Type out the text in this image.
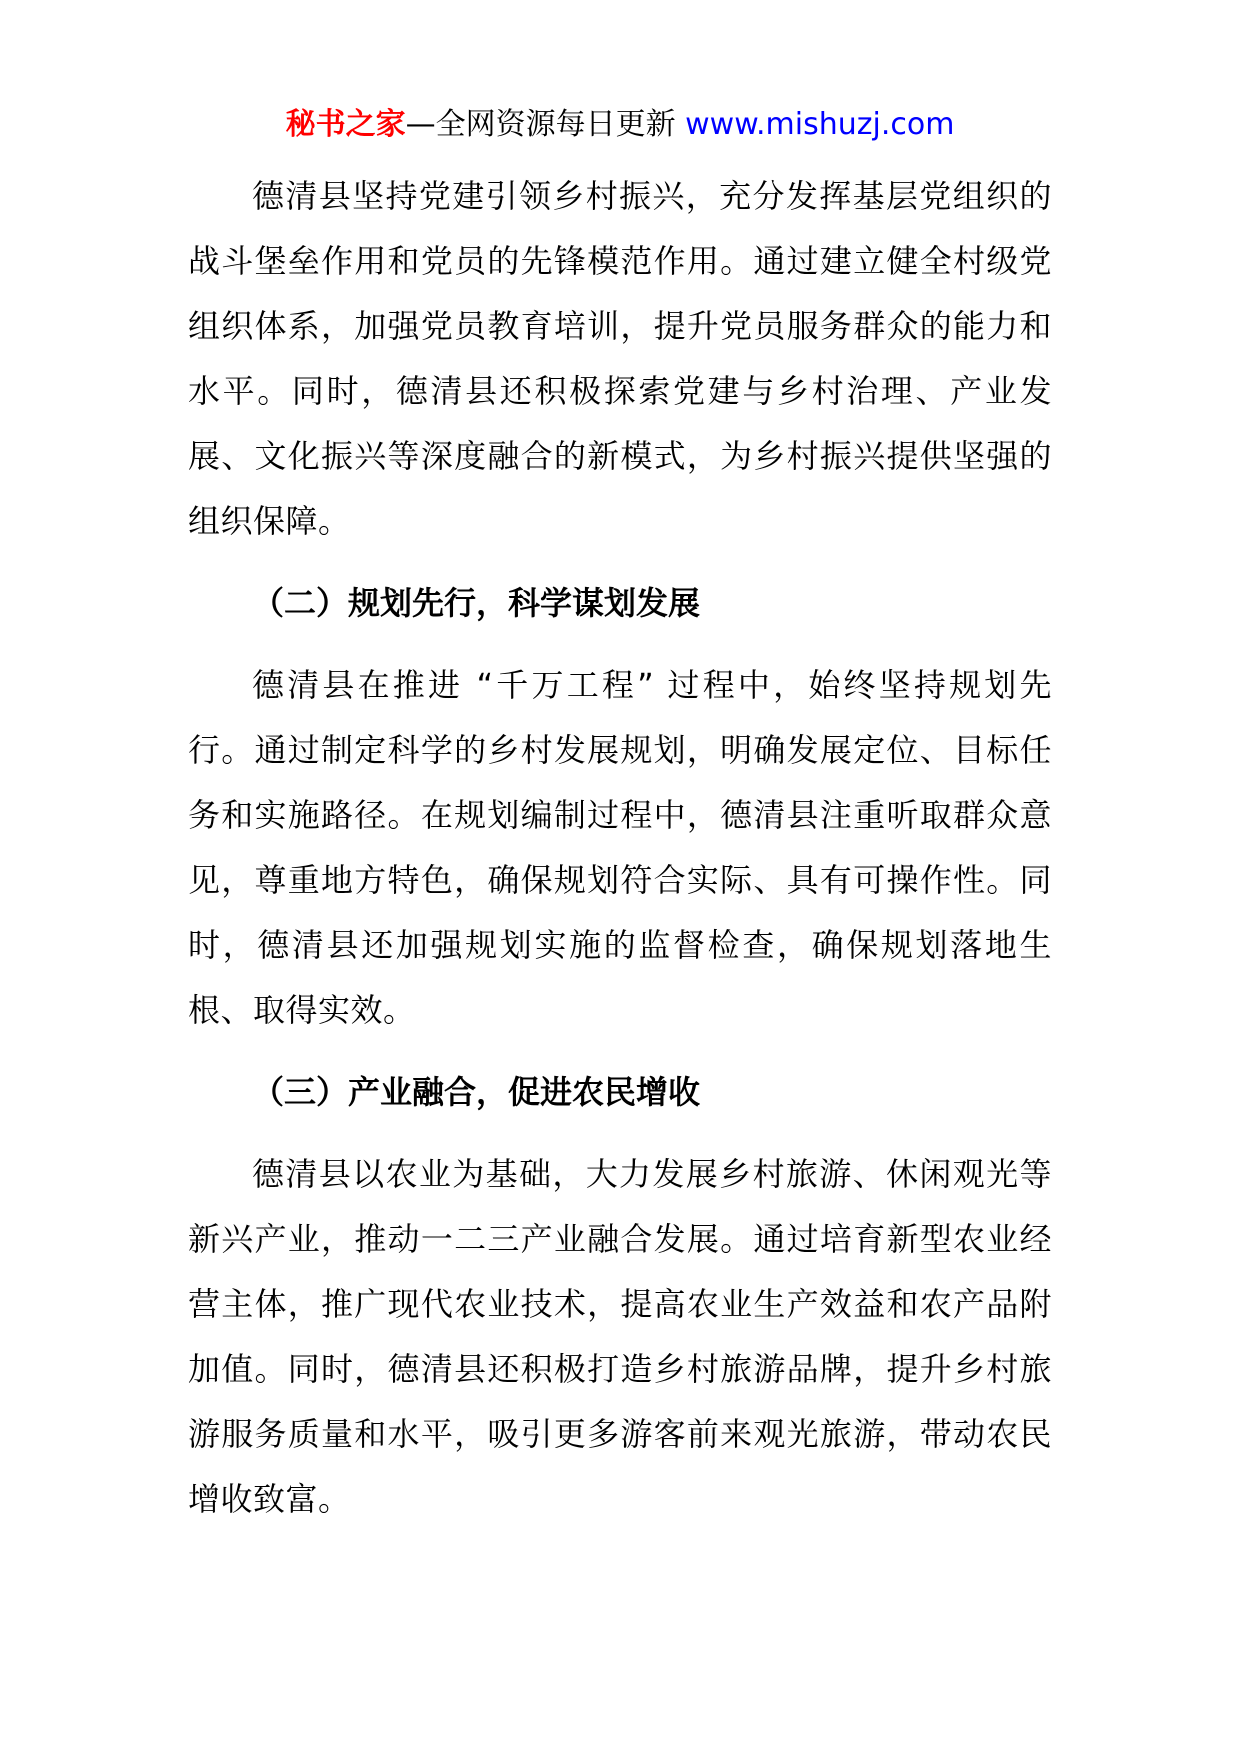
秘书之家—全网资源每日更新 www.mishuzj.com

德清县坚持党建引领乡村振兴，充分发挥基层党组织的战斗堡垒作用和党员的先锋模范作用。通过建立健全村级党组织体系，加强党员教育培训，提升党员服务群众的能力和水平。同时，德清县还积极探索党建与乡村治理、产业发展、文化振兴等深度融合的新模式，为乡村振兴提供坚强的组织保障。

（二）规划先行，科学谋划发展

德清县在推进 “千万工程” 过程中，始终坚持规划先行。通过制定科学的乡村发展规划，明确发展定位、目标任务和实施路径。在规划编制过程中，德清县注重听取群众意见，尊重地方特色，确保规划符合实际、具有可操作性。同时，德清县还加强规划实施的监督检查，确保规划落地生根、取得实效。

（三）产业融合，促进农民增收

德清县以农业为基础，大力发展乡村旅游、休闲观光等新兴产业，推动一二三产业融合发展。通过培育新型农业经营主体，推广现代农业技术，提高农业生产效益和农产品附加值。同时，德清县还积极打造乡村旅游品牌，提升乡村旅游服务质量和水平，吸引更多游客前来观光旅游，带动农民增收致富。
